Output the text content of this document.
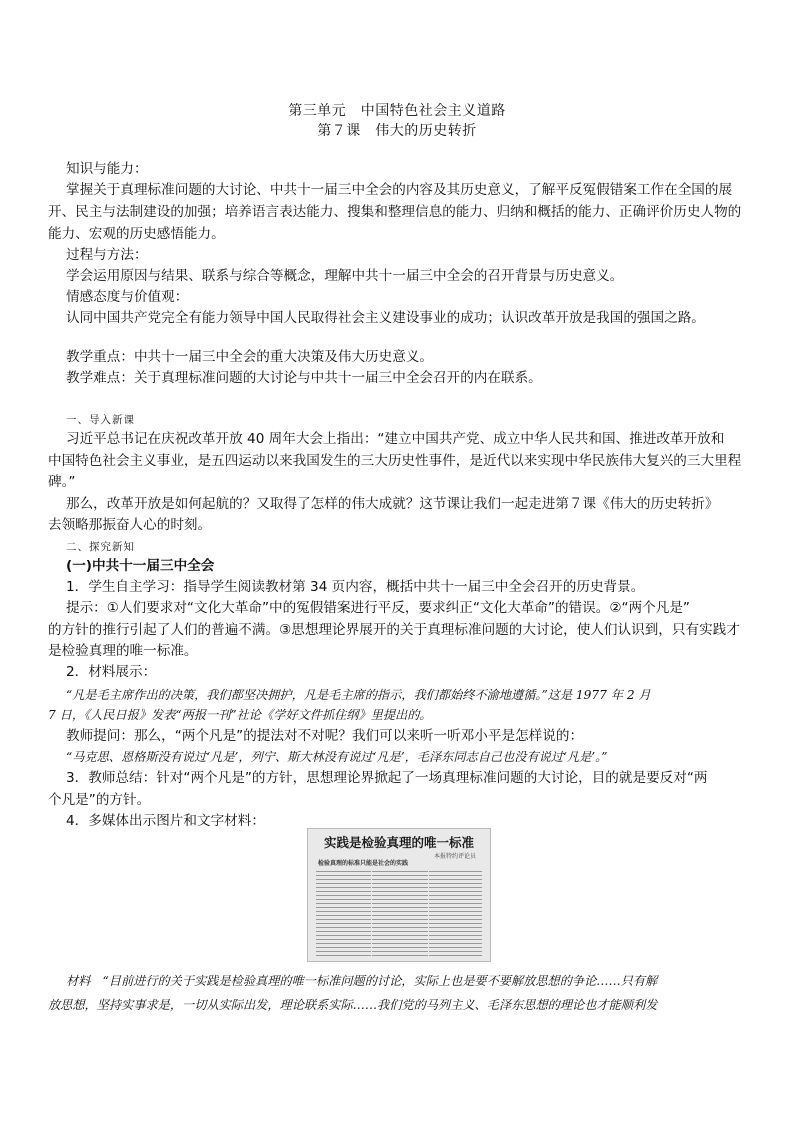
第三单元　中国特色社会主义道路
第７课　伟大的历史转折
知识与能力：
掌握关于真理标准问题的大讨论、中共十一届三中全会的内容及其历史意义，了解平反冤假错案工作在全国的展
开、民主与法制建设的加强；培养语言表达能力、搜集和整理信息的能力、归纳和概括的能力、正确评价历史人物的
能力、宏观的历史感悟能力。
过程与方法：
学会运用原因与结果、联系与综合等概念，理解中共十一届三中全会的召开背景与历史意义。
情感态度与价值观：
认同中国共产党完全有能力领导中国人民取得社会主义建设事业的成功；认识改革开放是我国的强国之路。
教学重点：中共十一届三中全会的重大决策及伟大历史意义。
教学难点：关于真理标准问题的大讨论与中共十一届三中全会召开的内在联系。
一、导入新课
习近平总书记在庆祝改革开放 40 周年大会上指出：“建立中国共产党、成立中华人民共和国、推进改革开放和
中国特色社会主义事业，是五四运动以来我国发生的三大历史性事件，是近代以来实现中华民族伟大复兴的三大里程
碑。”
那么，改革开放是如何起航的？又取得了怎样的伟大成就？这节课让我们一起走进第７课《伟大的历史转折》
去领略那振奋人心的时刻。
二、探究新知
(一)中共十一届三中全会
1．学生自主学习：指导学生阅读教材第 34 页内容，概括中共十一届三中全会召开的历史背景。
提示：①人们要求对“文化大革命”中的冤假错案进行平反，要求纠正“文化大革命”的错误。②“两个凡是”
的方针的推行引起了人们的普遍不满。③思想理论界展开的关于真理标准问题的大讨论，使人们认识到，只有实践才
是检验真理的唯一标准。
2．材料展示：
“凡是毛主席作出的决策，我们都坚决拥护，凡是毛主席的指示，我们都始终不渝地遵循。”这是 1977 年 2 月
7 日，《人民日报》发表“两报一刊”社论《学好文件抓住纲》里提出的。
教师提问：那么，“两个凡是”的提法对不对呢？我们可以来听一听邓小平是怎样说的：
“马克思、恩格斯没有说过‘凡是’，列宁、斯大林没有说过‘凡是’，毛泽东同志自己也没有说过‘凡是’。”
3．教师总结：针对“两个凡是”的方针，思想理论界掀起了一场真理标准问题的大讨论，目的就是要反对“两
个凡是”的方针。
4．多媒体出示图片和文字材料：
实践是检验真理的唯一标准
本报特约评论员
检验真理的标准只能是社会的实践
材料　“目前进行的关于实践是检验真理的唯一标准问题的讨论，实际上也是要不要解放思想的争论……只有解
放思想，坚持实事求是，一切从实际出发，理论联系实际……我们党的马列主义、毛泽东思想的理论也才能顺利发
